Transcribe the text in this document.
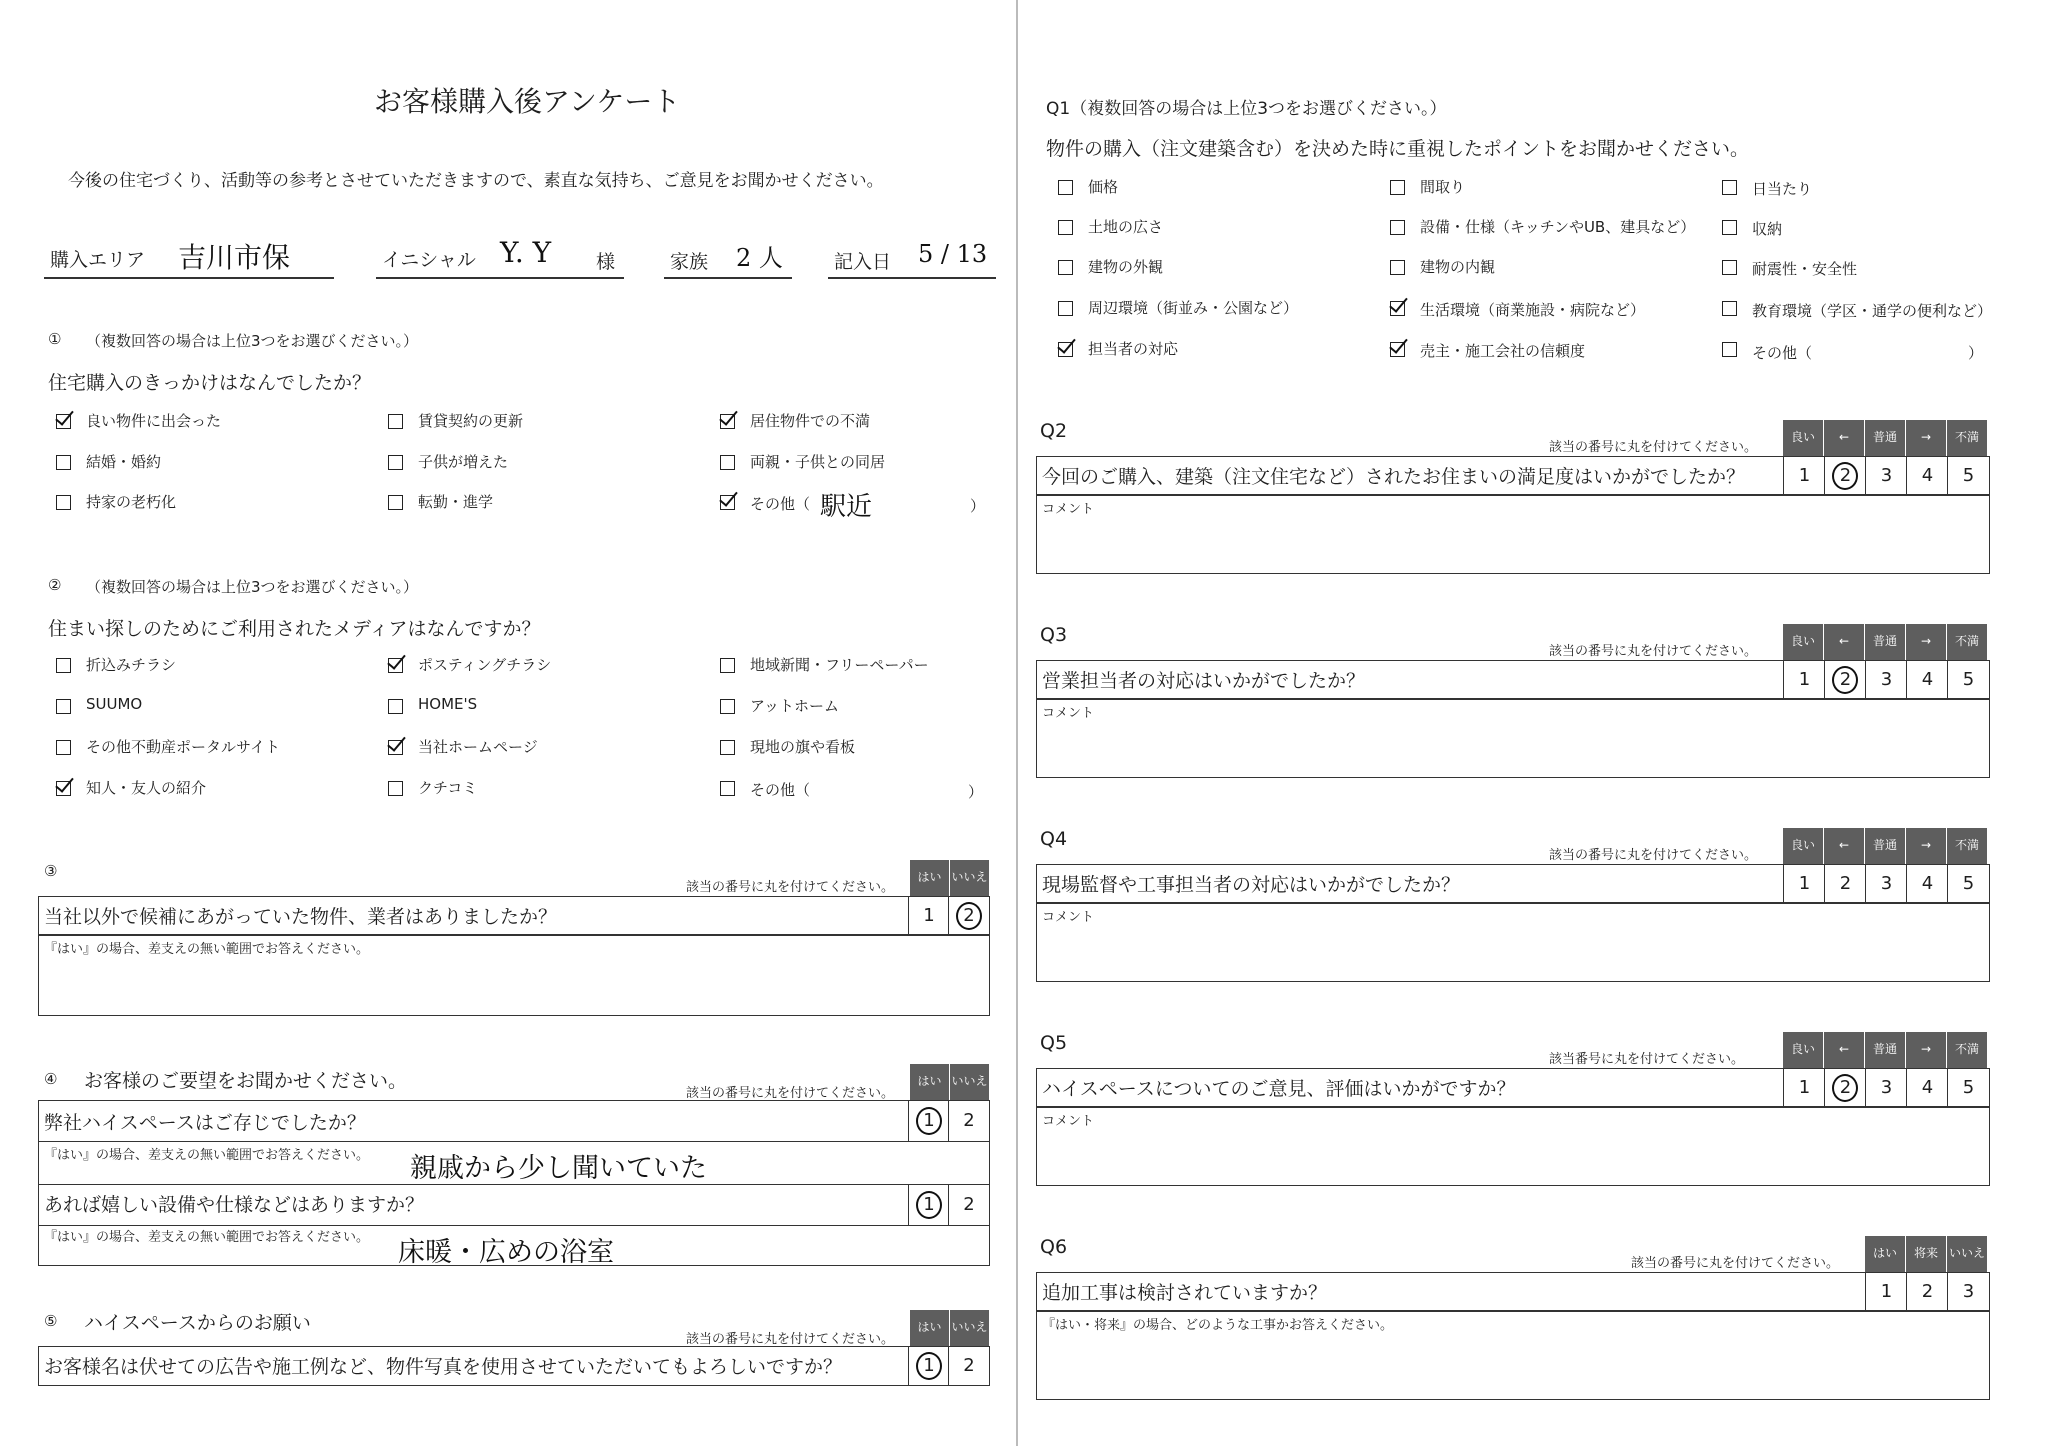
お客様購入後アンケート
今後の住宅づくり、活動等の参考とさせていただきますので、素直な気持ち、ご意見をお聞かせください。
購入エリア 吉川市保	イニシャル Y. Y 様	家族 2 人	記入日 5 / 13
① （複数回答の場合は上位3つをお選びください。）
住宅購入のきっかけはなんでしたか？
良い物件に出会った	賃貸契約の更新	居住物件での不満
結婚・婚約	子供が増えた	両親・子供との同居
持家の老朽化	転勤・進学	その他（ 駅近	）
② （複数回答の場合は上位3つをお選びください。）
住まい探しのためにご利用されたメディアはなんですか？
折込みチラシ	ポスティングチラシ	地域新聞・フリーペーパー
SUUMO	HOME'S	アットホーム
その他不動産ポータルサイト	当社ホームページ	現地の旗や看板
知人・友人の紹介	クチコミ	その他（	）
③
該当の番号に丸を付けてください。
はい いいえ
当社以外で候補にあがっていた物件、業者はありましたか？	1	2
『はい』の場合、差支えの無い範囲でお答えください。
④ お客様のご要望をお聞かせください。
該当の番号に丸を付けてください。
はい いいえ
弊社ハイスペースはご存じでしたか？	1	2
『はい』の場合、差支えの無い範囲でお答えください。 親戚から少し聞いていた
あれば嬉しい設備や仕様などはありますか？	1	2
『はい』の場合、差支えの無い範囲でお答えください。 床暖・広めの浴室
⑤ ハイスペースからのお願い
該当の番号に丸を付けてください。
はい いいえ
お客様名は伏せての広告や施工例など、物件写真を使用させていただいてもよろしいですか？	1	2
Q1（複数回答の場合は上位3つをお選びください。）
物件の購入（注文建築含む）を決めた時に重視したポイントをお聞かせください。
価格	間取り	日当たり
土地の広さ	設備・仕様（キッチンやUB、建具など）	収納
建物の外観	建物の内観	耐震性・安全性
周辺環境（街並み・公園など）	生活環境（商業施設・病院など）	教育環境（学区・通学の便利など）
担当者の対応	売主・施工会社の信頼度	その他（	）
Q2
該当の番号に丸を付けてください。
良い	←	普通	→	不満
今回のご購入、建築（注文住宅など）されたお住まいの満足度はいかがでしたか？	1	2	3	4	5
コメント
Q3
該当の番号に丸を付けてください。
良い	←	普通	→	不満
営業担当者の対応はいかがでしたか？	1	2	3	4	5
コメント
Q4
該当の番号に丸を付けてください。
良い	←	普通	→	不満
現場監督や工事担当者の対応はいかがでしたか？	1	2	3	4	5
コメント
Q5
該当番号に丸を付けてください。
良い	←	普通	→	不満
ハイスペースについてのご意見、評価はいかがですか？	1	2	3	4	5
コメント
Q6
該当の番号に丸を付けてください。
はい	将来 いいえ
追加工事は検討されていますか？	1	2	3
『はい・将来』の場合、どのような工事かお答えください。
